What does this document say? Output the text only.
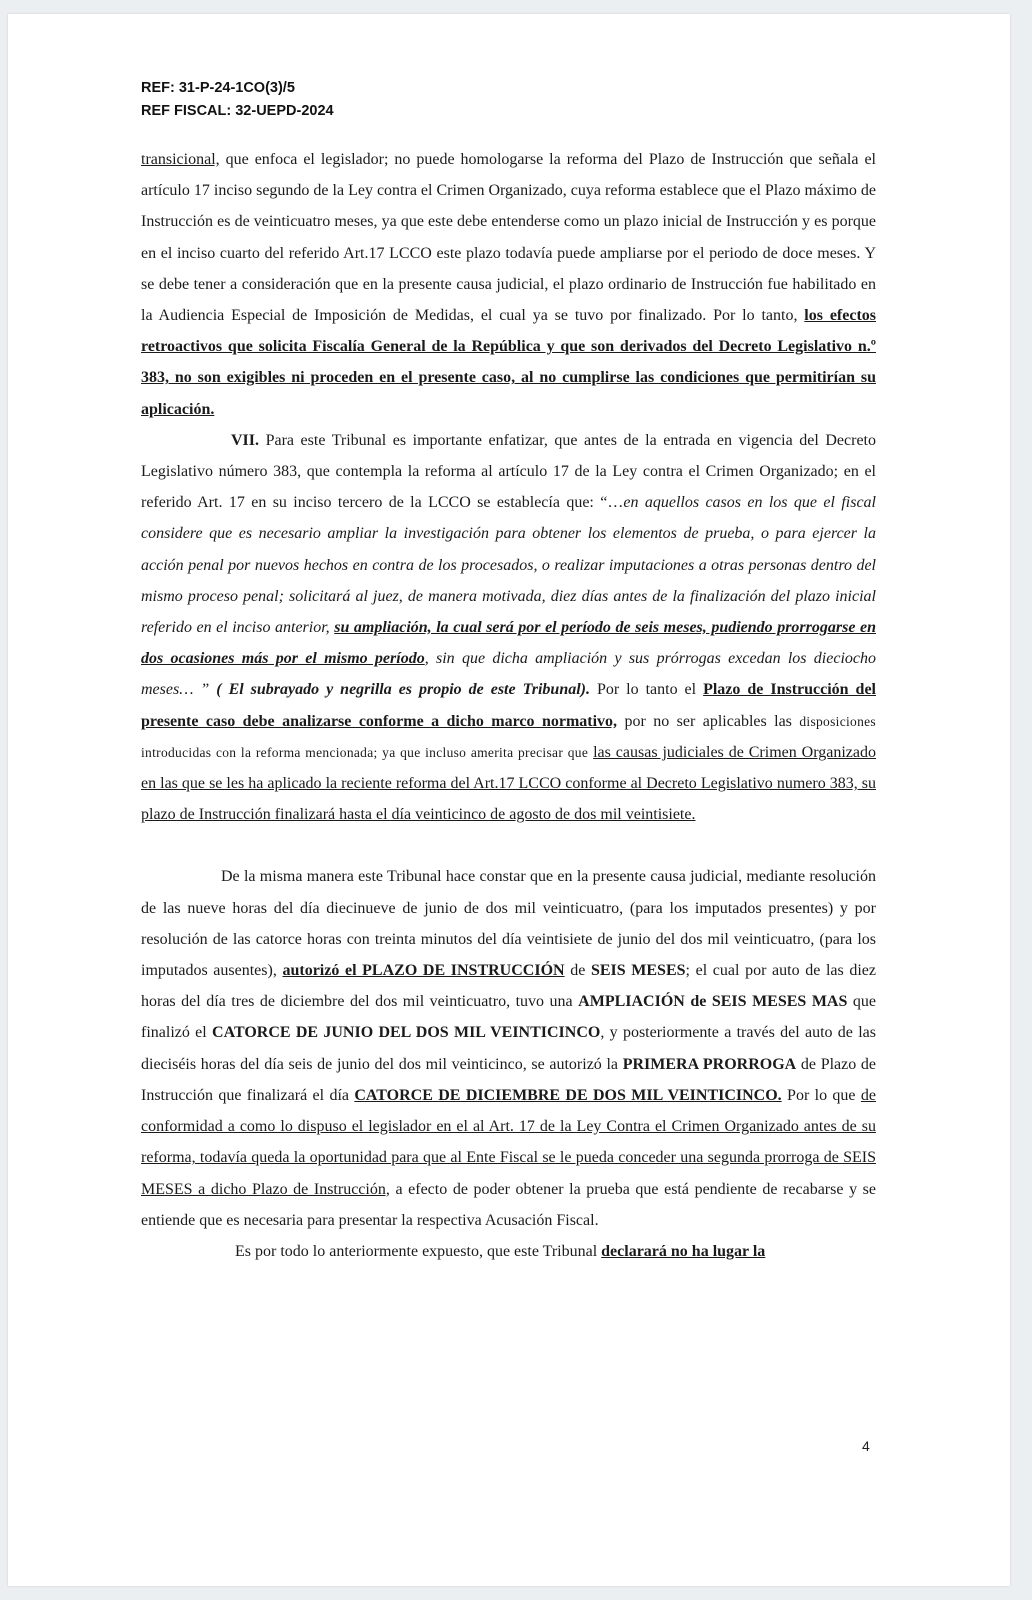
REF: 31-P-24-1CO(3)/5
REF FISCAL: 32-UEPD-2024

transicional, que enfoca el legislador; no puede homologarse la reforma del Plazo de Instrucción que señala el artículo 17 inciso segundo de la Ley contra el Crimen Organizado, cuya reforma establece que el Plazo máximo de Instrucción es de veinticuatro meses, ya que este debe entenderse como un plazo inicial de Instrucción y es porque en el inciso cuarto del referido Art.17 LCCO este plazo todavía puede ampliarse por el periodo de doce meses. Y se debe tener a consideración que en la presente causa judicial, el plazo ordinario de Instrucción fue habilitado en la Audiencia Especial de Imposición de Medidas, el cual ya se tuvo por finalizado. Por lo tanto, los efectos retroactivos que solicita Fiscalía General de la República y que son derivados del Decreto Legislativo n.º 383, no son exigibles ni proceden en el presente caso, al no cumplirse las condiciones que permitirían su aplicación.

VII. Para este Tribunal es importante enfatizar, que antes de la entrada en vigencia del Decreto Legislativo número 383, que contempla la reforma al artículo 17 de la Ley contra el Crimen Organizado; en el referido Art. 17 en su inciso tercero de la LCCO se establecía que: “…en aquellos casos en los que el fiscal considere que es necesario ampliar la investigación para obtener los elementos de prueba, o para ejercer la acción penal por nuevos hechos en contra de los procesados, o realizar imputaciones a otras personas dentro del mismo proceso penal; solicitará al juez, de manera motivada, diez días antes de la finalización del plazo inicial referido en el inciso anterior, su ampliación, la cual será por el período de seis meses, pudiendo prorrogarse en dos ocasiones más por el mismo período, sin que dicha ampliación y sus prórrogas excedan los dieciocho meses… ” ( El subrayado y negrilla es propio de este Tribunal). Por lo tanto el Plazo de Instrucción del presente caso debe analizarse conforme a dicho marco normativo, por no ser aplicables las disposiciones introducidas con la reforma mencionada; ya que incluso amerita precisar que las causas judiciales de Crimen Organizado en las que se les ha aplicado la reciente reforma del Art.17 LCCO conforme al Decreto Legislativo numero 383, su plazo de Instrucción finalizará hasta el día veinticinco de agosto de dos mil veintisiete.

De la misma manera este Tribunal hace constar que en la presente causa judicial, mediante resolución de las nueve horas del día diecinueve de junio de dos mil veinticuatro, (para los imputados presentes) y por resolución de las catorce horas con treinta minutos del día veintisiete de junio del dos mil veinticuatro, (para los imputados ausentes), autorizó el PLAZO DE INSTRUCCIÓN de SEIS MESES; el cual por auto de las diez horas del día tres de diciembre del dos mil veinticuatro, tuvo una AMPLIACIÓN de SEIS MESES MAS que finalizó el CATORCE DE JUNIO DEL DOS MIL VEINTICINCO, y posteriormente a través del auto de las dieciséis horas del día seis de junio del dos mil veinticinco, se autorizó la PRIMERA PRORROGA de Plazo de Instrucción que finalizará el día CATORCE DE DICIEMBRE DE DOS MIL VEINTICINCO. Por lo que de conformidad a como lo dispuso el legislador en el al Art. 17 de la Ley Contra el Crimen Organizado antes de su reforma, todavía queda la oportunidad para que al Ente Fiscal se le pueda conceder una segunda prorroga de SEIS MESES a dicho Plazo de Instrucción, a efecto de poder obtener la prueba que está pendiente de recabarse y se entiende que es necesaria para presentar la respectiva Acusación Fiscal.

Es por todo lo anteriormente expuesto, que este Tribunal declarará no ha lugar la

4
